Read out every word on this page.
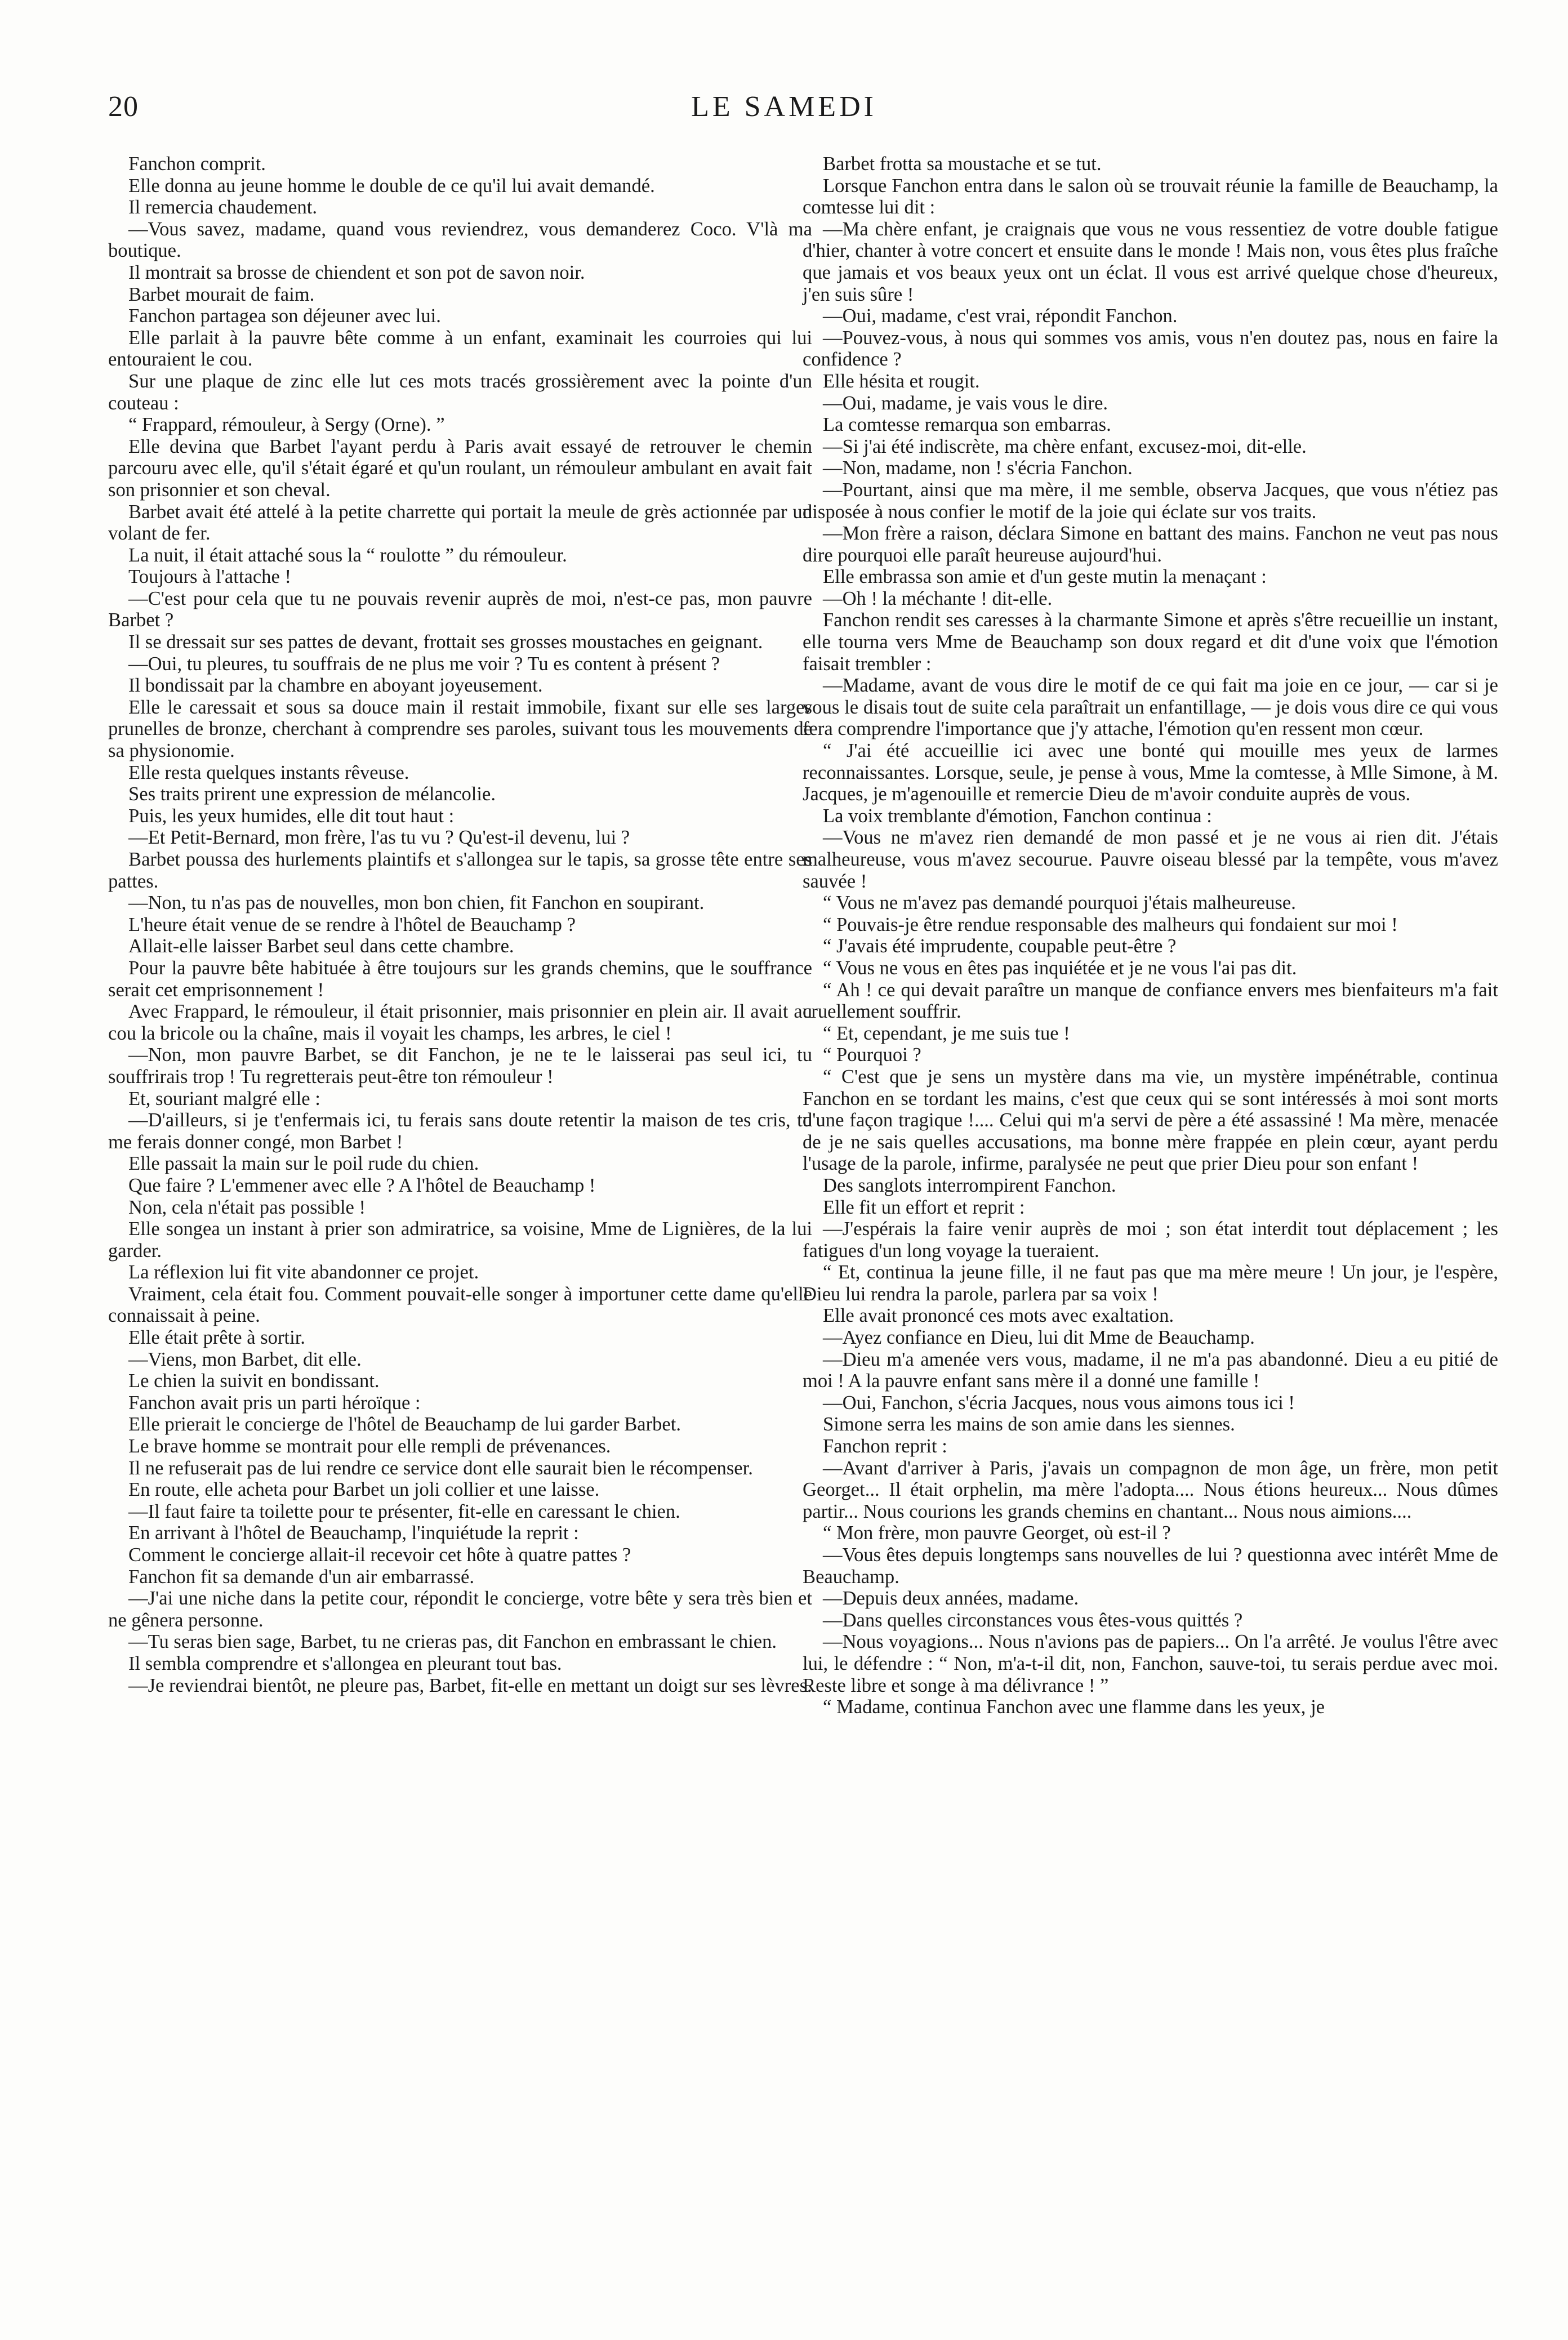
20	LE SAMEDI

Fanchon comprit.

Elle donna au jeune homme le double de ce qu'il lui avait demandé.

Il remercia chaudement.

—Vous savez, madame, quand vous reviendrez, vous demanderez Coco. V'là ma boutique.

Il montrait sa brosse de chiendent et son pot de savon noir.

Barbet mourait de faim.

Fanchon partagea son déjeuner avec lui.

Elle parlait à la pauvre bête comme à un enfant, examinait les courroies qui lui entouraient le cou.

Sur une plaque de zinc elle lut ces mots tracés grossièrement avec la pointe d'un couteau :

“ Frappard, rémouleur, à Sergy (Orne). ”

Elle devina que Barbet l'ayant perdu à Paris avait essayé de retrouver le chemin parcouru avec elle, qu'il s'était égaré et qu'un roulant, un rémouleur ambulant en avait fait son prisonnier et son cheval.

Barbet avait été attelé à la petite charrette qui portait la meule de grès actionnée par un volant de fer.

La nuit, il était attaché sous la “ roulotte ” du rémouleur.

Toujours à l'attache !

—C'est pour cela que tu ne pouvais revenir auprès de moi, n'est-ce pas, mon pauvre Barbet ?

Il se dressait sur ses pattes de devant, frottait ses grosses moustaches en geignant.

—Oui, tu pleures, tu souffrais de ne plus me voir ? Tu es content à présent ?

Il bondissait par la chambre en aboyant joyeusement.

Elle le caressait et sous sa douce main il restait immobile, fixant sur elle ses larges prunelles de bronze, cherchant à comprendre ses paroles, suivant tous les mouvements de sa physionomie.

Elle resta quelques instants rêveuse.

Ses traits prirent une expression de mélancolie.

Puis, les yeux humides, elle dit tout haut :

—Et Petit-Bernard, mon frère, l'as tu vu ? Qu'est-il devenu, lui ?

Barbet poussa des hurlements plaintifs et s'allongea sur le tapis, sa grosse tête entre ses pattes.

—Non, tu n'as pas de nouvelles, mon bon chien, fit Fanchon en soupirant.

L'heure était venue de se rendre à l'hôtel de Beauchamp ?

Allait-elle laisser Barbet seul dans cette chambre.

Pour la pauvre bête habituée à être toujours sur les grands chemins, que le souffrance serait cet emprisonnement !

Avec Frappard, le rémouleur, il était prisonnier, mais prisonnier en plein air. Il avait au cou la bricole ou la chaîne, mais il voyait les champs, les arbres, le ciel !

—Non, mon pauvre Barbet, se dit Fanchon, je ne te le laisserai pas seul ici, tu souffrirais trop ! Tu regretterais peut-être ton rémouleur !

Et, souriant malgré elle :

—D'ailleurs, si je t'enfermais ici, tu ferais sans doute retentir la maison de tes cris, tu me ferais donner congé, mon Barbet !

Elle passait la main sur le poil rude du chien.

Que faire ? L'emmener avec elle ? A l'hôtel de Beauchamp !

Non, cela n'était pas possible !

Elle songea un instant à prier son admiratrice, sa voisine, Mme de Lignières, de la lui garder.

La réflexion lui fit vite abandonner ce projet.

Vraiment, cela était fou. Comment pouvait-elle songer à importuner cette dame qu'elle connaissait à peine.

Elle était prête à sortir.

—Viens, mon Barbet, dit elle.

Le chien la suivit en bondissant.

Fanchon avait pris un parti héroïque :

Elle prierait le concierge de l'hôtel de Beauchamp de lui garder Barbet.

Le brave homme se montrait pour elle rempli de prévenances.

Il ne refuserait pas de lui rendre ce service dont elle saurait bien le récompenser.

En route, elle acheta pour Barbet un joli collier et une laisse.

—Il faut faire ta toilette pour te présenter, fit-elle en caressant le chien.

En arrivant à l'hôtel de Beauchamp, l'inquiétude la reprit :

Comment le concierge allait-il recevoir cet hôte à quatre pattes ?

Fanchon fit sa demande d'un air embarrassé.

—J'ai une niche dans la petite cour, répondit le concierge, votre bête y sera très bien et ne gênera personne.

—Tu seras bien sage, Barbet, tu ne crieras pas, dit Fanchon en embrassant le chien.

Il sembla comprendre et s'allongea en pleurant tout bas.

—Je reviendrai bientôt, ne pleure pas, Barbet, fit-elle en mettant un doigt sur ses lèvres.

Barbet frotta sa moustache et se tut.

Lorsque Fanchon entra dans le salon où se trouvait réunie la famille de Beauchamp, la comtesse lui dit :

—Ma chère enfant, je craignais que vous ne vous ressentiez de votre double fatigue d'hier, chanter à votre concert et ensuite dans le monde ! Mais non, vous êtes plus fraîche que jamais et vos beaux yeux ont un éclat. Il vous est arrivé quelque chose d'heureux, j'en suis sûre !

—Oui, madame, c'est vrai, répondit Fanchon.

—Pouvez-vous, à nous qui sommes vos amis, vous n'en doutez pas, nous en faire la confidence ?

Elle hésita et rougit.

—Oui, madame, je vais vous le dire.

La comtesse remarqua son embarras.

—Si j'ai été indiscrète, ma chère enfant, excusez-moi, dit-elle.

—Non, madame, non ! s'écria Fanchon.

—Pourtant, ainsi que ma mère, il me semble, observa Jacques, que vous n'étiez pas disposée à nous confier le motif de la joie qui éclate sur vos traits.

—Mon frère a raison, déclara Simone en battant des mains. Fanchon ne veut pas nous dire pourquoi elle paraît heureuse aujourd'hui.

Elle embrassa son amie et d'un geste mutin la menaçant :

—Oh ! la méchante ! dit-elle.

Fanchon rendit ses caresses à la charmante Simone et après s'être recueillie un instant, elle tourna vers Mme de Beauchamp son doux regard et dit d'une voix que l'émotion faisait trembler :

—Madame, avant de vous dire le motif de ce qui fait ma joie en ce jour, — car si je vous le disais tout de suite cela paraîtrait un enfantillage, — je dois vous dire ce qui vous fera comprendre l'importance que j'y attache, l'émotion qu'en ressent mon cœur.

“ J'ai été accueillie ici avec une bonté qui mouille mes yeux de larmes reconnaissantes. Lorsque, seule, je pense à vous, Mme la comtesse, à Mlle Simone, à M. Jacques, je m'agenouille et remercie Dieu de m'avoir conduite auprès de vous.

La voix tremblante d'émotion, Fanchon continua :

—Vous ne m'avez rien demandé de mon passé et je ne vous ai rien dit. J'étais malheureuse, vous m'avez secourue. Pauvre oiseau blessé par la tempête, vous m'avez sauvée !

“ Vous ne m'avez pas demandé pourquoi j'étais malheureuse.

“ Pouvais-je être rendue responsable des malheurs qui fondaient sur moi !

“ J'avais été imprudente, coupable peut-être ?

“ Vous ne vous en êtes pas inquiétée et je ne vous l'ai pas dit.

“ Ah ! ce qui devait paraître un manque de confiance envers mes bienfaiteurs m'a fait cruellement souffrir.

“ Et, cependant, je me suis tue !

“ Pourquoi ?

“ C'est que je sens un mystère dans ma vie, un mystère impénétrable, continua Fanchon en se tordant les mains, c'est que ceux qui se sont intéressés à moi sont morts d'une façon tragique !.... Celui qui m'a servi de père a été assassiné ! Ma mère, menacée de je ne sais quelles accusations, ma bonne mère frappée en plein cœur, ayant perdu l'usage de la parole, infirme, paralysée ne peut que prier Dieu pour son enfant !

Des sanglots interrompirent Fanchon.

Elle fit un effort et reprit :

—J'espérais la faire venir auprès de moi ; son état interdit tout déplacement ; les fatigues d'un long voyage la tueraient.

“ Et, continua la jeune fille, il ne faut pas que ma mère meure ! Un jour, je l'espère, Dieu lui rendra la parole, parlera par sa voix !

Elle avait prononcé ces mots avec exaltation.

—Ayez confiance en Dieu, lui dit Mme de Beauchamp.

—Dieu m'a amenée vers vous, madame, il ne m'a pas abandonné. Dieu a eu pitié de moi ! A la pauvre enfant sans mère il a donné une famille !

—Oui, Fanchon, s'écria Jacques, nous vous aimons tous ici !

Simone serra les mains de son amie dans les siennes.

Fanchon reprit :

—Avant d'arriver à Paris, j'avais un compagnon de mon âge, un frère, mon petit Georget... Il était orphelin, ma mère l'adopta.... Nous étions heureux... Nous dûmes partir... Nous courions les grands chemins en chantant... Nous nous aimions....

“ Mon frère, mon pauvre Georget, où est-il ?

—Vous êtes depuis longtemps sans nouvelles de lui ? questionna avec intérêt Mme de Beauchamp.

—Depuis deux années, madame.

—Dans quelles circonstances vous êtes-vous quittés ?

—Nous voyagions... Nous n'avions pas de papiers... On l'a arrêté. Je voulus l'être avec lui, le défendre : “ Non, m'a-t-il dit, non, Fanchon, sauve-toi, tu serais perdue avec moi. Reste libre et songe à ma délivrance ! ”

“ Madame, continua Fanchon avec une flamme dans les yeux, je
